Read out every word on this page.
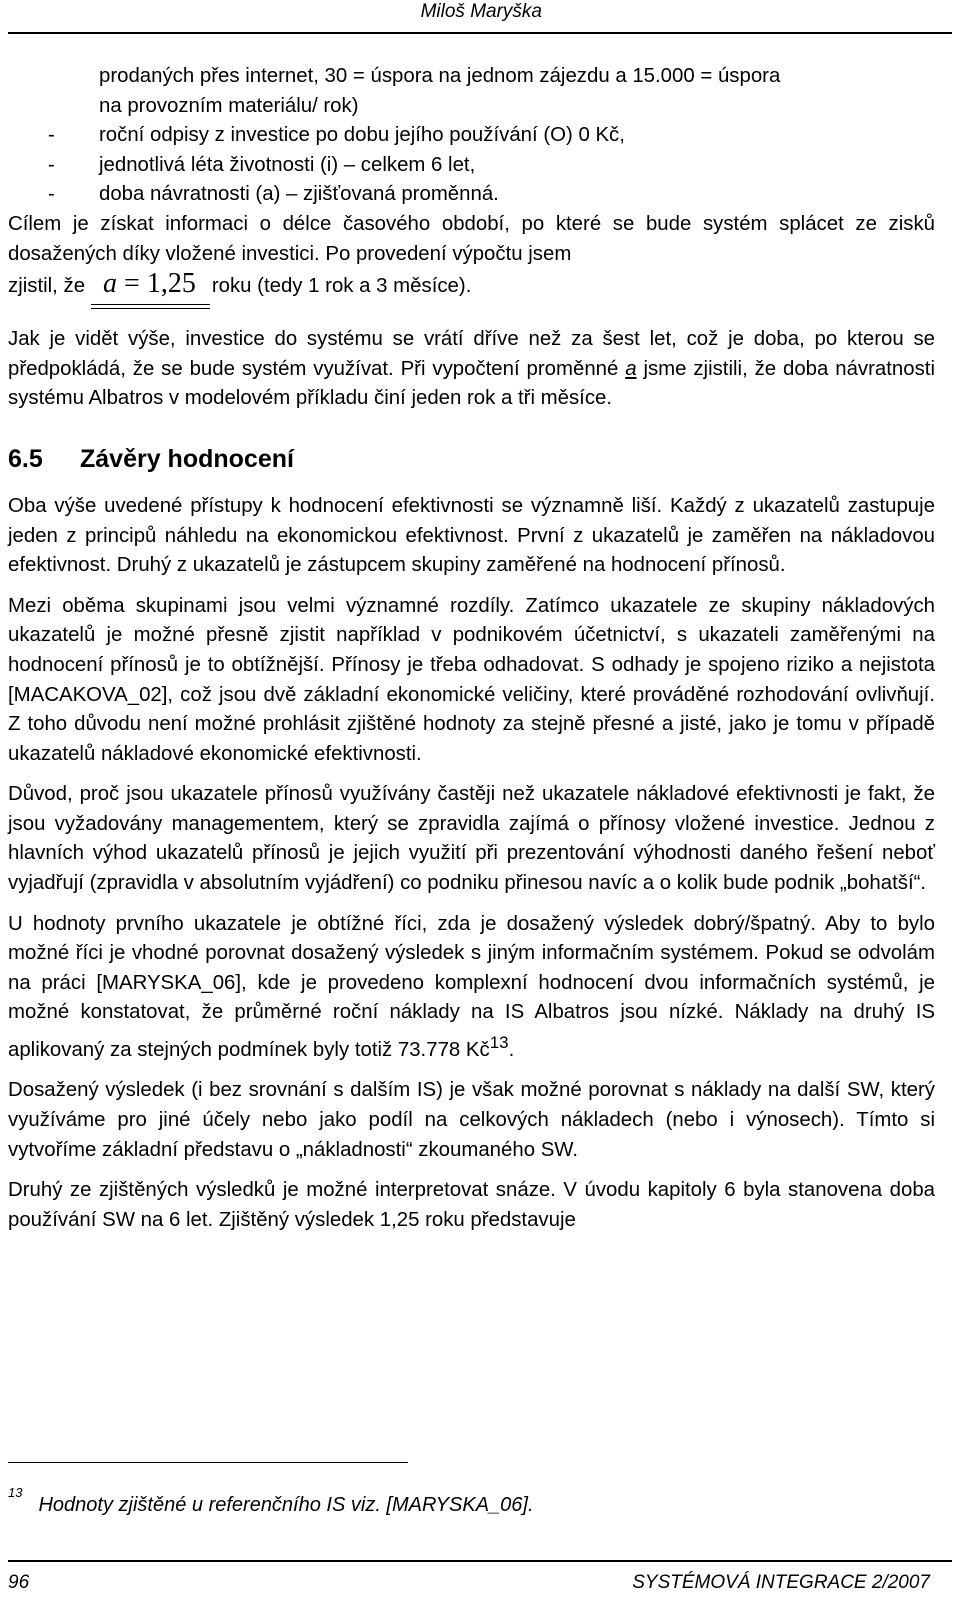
Miloš Maryška
prodaných přes internet, 30 = úspora na jednom zájezdu a 15.000 = úspora
na provozním materiálu/ rok)
- roční odpisy z investice po dobu jejího používání (O) 0 Kč,
- jednotlivá léta životnosti (i) – celkem 6 let,
- doba návratnosti (a) – zjišťovaná proměnná.

Cílem je získat informaci o délce časového období, po které se bude systém splácet ze zisků dosažených díky vložené investici. Po provedení výpočtu jsem

zjistil, že a = 1,25 roku (tedy 1 rok a 3 měsíce).

Jak je vidět výše, investice do systému se vrátí dříve než za šest let, což je doba, po kterou se předpokládá, že se bude systém využívat. Při vypočtení proměnné a jsme zjistili, že doba návratnosti systému Albatros v modelovém příkladu činí jeden rok a tři měsíce.

6.5 Závěry hodnocení

Oba výše uvedené přístupy k hodnocení efektivnosti se významně liší. Každý z ukazatelů zastupuje jeden z principů náhledu na ekonomickou efektivnost. První z ukazatelů je zaměřen na nákladovou efektivnost. Druhý z ukazatelů je zástupcem skupiny zaměřené na hodnocení přínosů.

Mezi oběma skupinami jsou velmi významné rozdíly. Zatímco ukazatele ze skupiny nákladových ukazatelů je možné přesně zjistit například v podnikovém účetnictví, s ukazateli zaměřenými na hodnocení přínosů je to obtížnější. Přínosy je třeba odhadovat. S odhady je spojeno riziko a nejistota [MACAKOVA_02], což jsou dvě základní ekonomické veličiny, které prováděné rozhodování ovlivňují. Z toho důvodu není možné prohlásit zjištěné hodnoty za stejně přesné a jisté, jako je tomu v případě ukazatelů nákladové ekonomické efektivnosti.

Důvod, proč jsou ukazatele přínosů využívány častěji než ukazatele nákladové efektivnosti je fakt, že jsou vyžadovány managementem, který se zpravidla zajímá o přínosy vložené investice. Jednou z hlavních výhod ukazatelů přínosů je jejich využití při prezentování výhodnosti daného řešení neboť vyjadřují (zpravidla v absolutním vyjádření) co podniku přinesou navíc a o kolik bude podnik „bohatší“.

U hodnoty prvního ukazatele je obtížné říci, zda je dosažený výsledek dobrý/špatný. Aby to bylo možné říci je vhodné porovnat dosažený výsledek s jiným informačním systémem. Pokud se odvolám na práci [MARYSKA_06], kde je provedeno komplexní hodnocení dvou informačních systémů, je možné konstatovat, že průměrné roční náklady na IS Albatros jsou nízké. Náklady na druhý IS aplikovaný za stejných podmínek byly totiž 73.778 $Kč^{13}$.

Dosažený výsledek (i bez srovnání s dalším IS) je však možné porovnat s náklady na další SW, který využíváme pro jiné účely nebo jako podíl na celkových nákladech (nebo i výnosech). Tímto si vytvoříme základní představu o „nákladnosti“ zkoumaného SW.

Druhý ze zjištěných výsledků je možné interpretovat snáze. V úvodu kapitoly 6 byla stanovena doba používání SW na 6 let. Zjištěný výsledek 1,25 roku představuje

$^{13}$Hodnoty zjištěné u referenčního IS viz. [MARYSKA_06].
96	SYSTÉMOVÁ INTEGRACE 2/2007
